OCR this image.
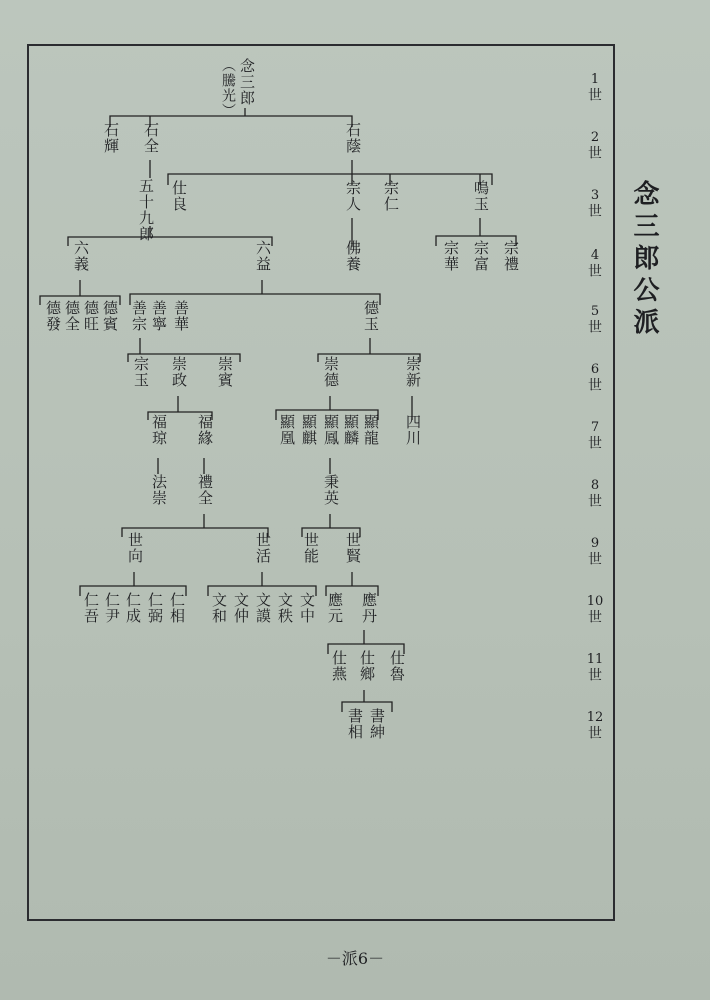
念三郎
（騰光）
石輝 石全	石蔭
五十九郎 仕良	宗人 宗仁	鳴玉
六義	六益	佛養	宗華 宗富 宗禮
德發 德全 德旺 德賓 善宗 善寧 善華	德玉
宗玉 崇政 崇賓	崇德	崇新
福琼 福緣	顯凰 顯麒 顯鳳 顯麟 顯龍 四川
法崇 禮全	秉英
世向	世活 世能 世賢
仁吾 仁尹 仁成 仁弼 仁相 文和 文仲 文謨 文秩 文中 應元 應丹
仕燕 仕鄉 仕魯
書相 書紳
1
世
2
世
3
世
4
世
5
世
6
世
7
世
8
世
9
世
10
世
11
世
12
世
念三郎公派
－派6－
